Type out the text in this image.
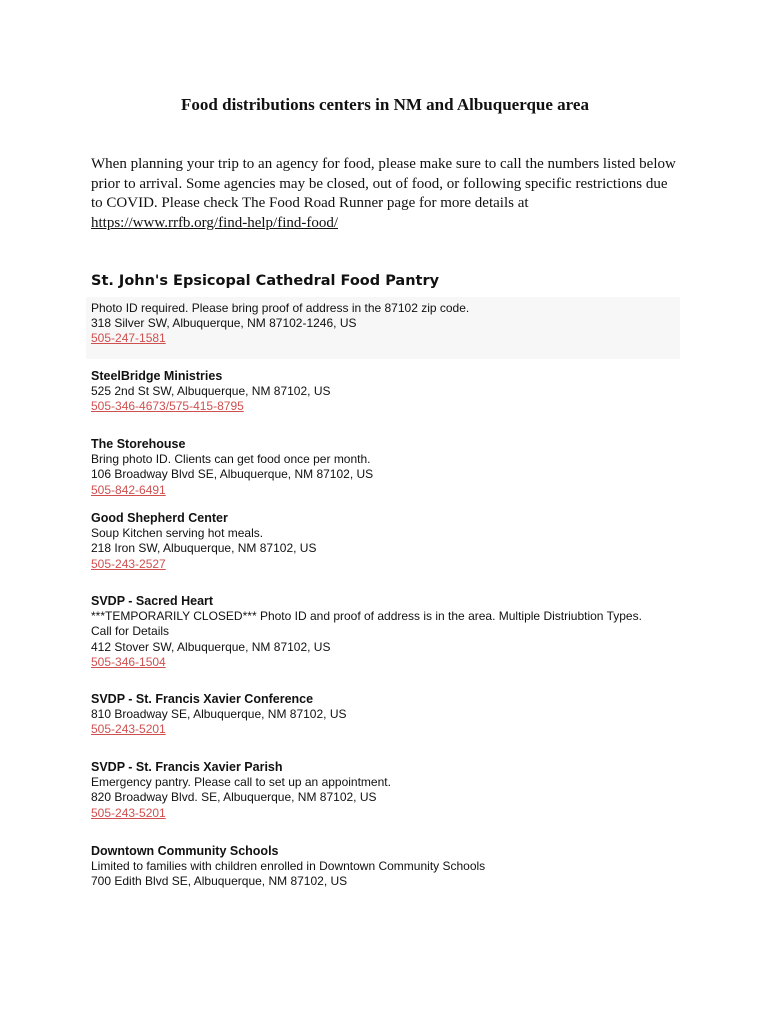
Food distributions centers in NM and Albuquerque area
When planning your trip to an agency for food, please make sure to call the numbers listed below
prior to arrival. Some agencies may be closed, out of food, or following specific restrictions due
to COVID. Please check The Food Road Runner page for more details at
https://www.rrfb.org/find-help/find-food/
St. John's Epsicopal Cathedral Food Pantry
Photo ID required. Please bring proof of address in the 87102 zip code.
318 Silver SW, Albuquerque, NM 87102-1246, US
505-247-1581
SteelBridge Ministries
525 2nd St SW, Albuquerque, NM 87102, US
505-346-4673/575-415-8795
The Storehouse
Bring photo ID. Clients can get food once per month.
106 Broadway Blvd SE, Albuquerque, NM 87102, US
505-842-6491
Good Shepherd Center
Soup Kitchen serving hot meals.
218 Iron SW, Albuquerque, NM 87102, US
505-243-2527
SVDP - Sacred Heart
***TEMPORARILY CLOSED*** Photo ID and proof of address is in the area. Multiple Distriubtion Types.
Call for Details
412 Stover SW, Albuquerque, NM 87102, US
505-346-1504
SVDP - St. Francis Xavier Conference
810 Broadway SE, Albuquerque, NM 87102, US
505-243-5201
SVDP - St. Francis Xavier Parish
Emergency pantry. Please call to set up an appointment.
820 Broadway Blvd. SE, Albuquerque, NM 87102, US
505-243-5201
Downtown Community Schools
Limited to families with children enrolled in Downtown Community Schools
700 Edith Blvd SE, Albuquerque, NM 87102, US
